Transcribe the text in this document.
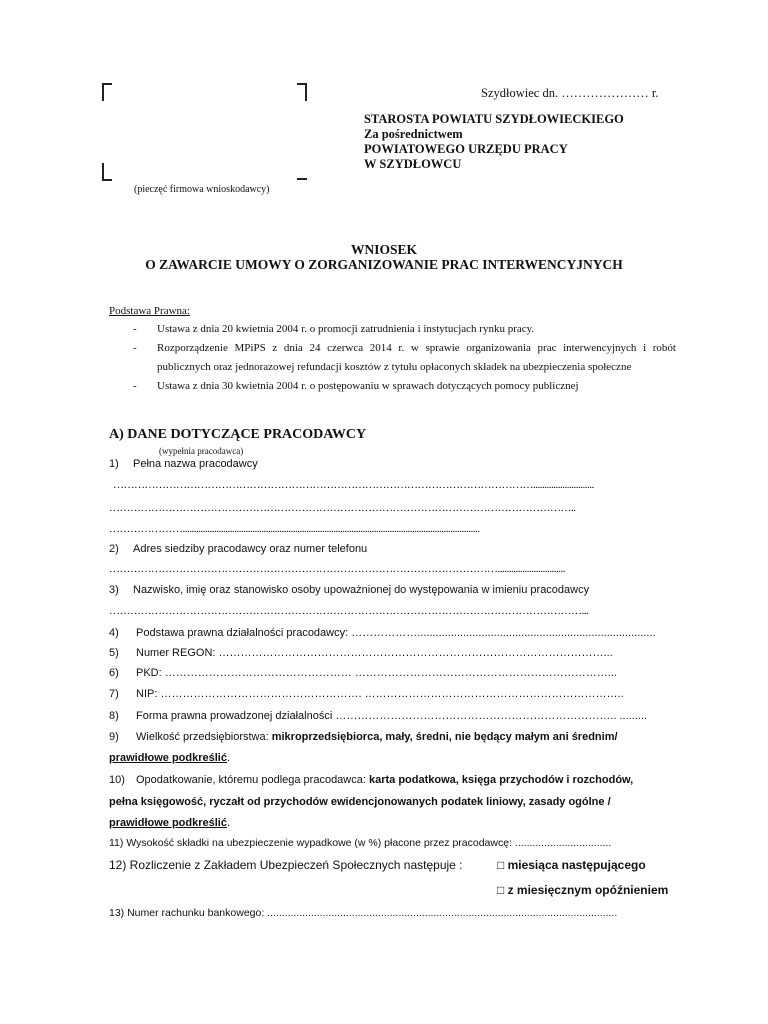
(pieczęć firmowa wnioskodawcy)
Szydłowiec dn. ………………… r.
STAROSTA POWIATU SZYDŁOWIECKIEGO
Za pośrednictwem
POWIATOWEGO URZĘDU PRACY
W SZYDŁOWCU
WNIOSEK
O ZAWARCIE UMOWY O ZORGANIZOWANIE PRAC INTERWENCYJNYCH
Podstawa Prawna:
- Ustawa z dnia 20 kwietnia 2004 r. o promocji zatrudnienia i instytucjach rynku pracy.
- Rozporządzenie MPiPS z dnia 24 czerwca 2014 r. w sprawie organizowania prac interwencyjnych i robót
publicznych oraz jednorazowej refundacji kosztów z tytułu opłaconych składek na ubezpieczenia społeczne
- Ustawa z dnia 30 kwietnia 2004 r. o postępowaniu w sprawach dotyczących pomocy publicznej
A) DANE DOTYCZĄCE PRACODAWCY
(wypełnia pracodawca)
1) Pełna nazwa pracodawcy
…………………………………………………………………………………………………………...........................
……………………………………………………………………………………………………………………..
…………………....................................................................................................................................
2) Adres siedziby pracodawcy oraz numer telefonu
…………………………………………………………………………………………………..............................
3) Nazwisko, imię oraz stanowisko osoby upoważnionej do występowania w imieniu pracodawcy
………………………………………………………………………………………………………………………...
4) Podstawa prawna działalności pracodawcy: ………………..............................................................................
5) Numer REGON: ……………………………………………………………………………………………...
6) PKD: …………………………………………… ……………………………………………………………...
7) NIP: ………………………………………………. ……………………………………………………………..
8) Forma prawna prowadzonej działalności ………………………………………………………………….. .........
9) Wielkość przedsiębiorstwa: mikroprzedsiębiorca, mały, średni, nie będący małym ani średnim/
prawidłowe podkreślić.
10) Opodatkowanie, któremu podlega pracodawca: karta podatkowa, księga przychodów i rozchodów,
pełna księgowość, ryczałt od przychodów ewidencjonowanych podatek liniowy, zasady ogólne /
prawidłowe podkreślić.
11) Wysokość składki na ubezpieczenie wypadkowe (w %) płacone przez pracodawcę: .................................
12) Rozliczenie z Zakładem Ubezpieczeń Społecznych następuje :	□ miesiąca następującego
□ z miesięcznym opóźnieniem
13) Numer rachunku bankowego: ........................................................................................................................
